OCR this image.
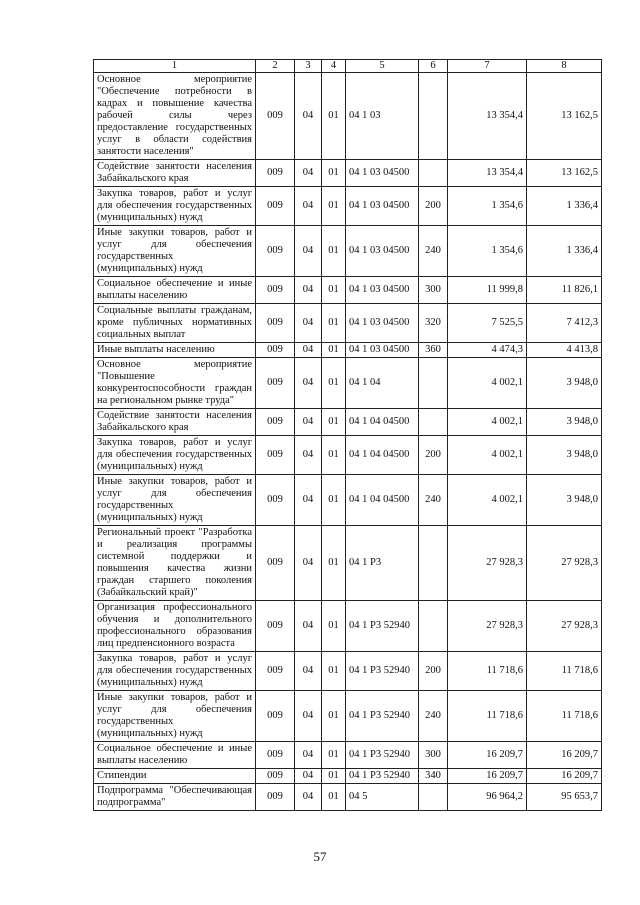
1	2	3	4	5	6	7	8
Основное мероприятие "Обеспечение потребности в кадрах и повышение качества рабочей силы через предоставление государственных услуг в области содействия занятости населения"	009	04	01	04 1 03		13 354,4	13 162,5
Содействие занятости населения Забайкальского края	009	04	01	04 1 03 04500		13 354,4	13 162,5
Закупка товаров, работ и услуг для обеспечения государственных (муниципальных) нужд	009	04	01	04 1 03 04500	200	1 354,6	1 336,4
Иные закупки товаров, работ и услуг для обеспечения государственных (муниципальных) нужд	009	04	01	04 1 03 04500	240	1 354,6	1 336,4
Социальное обеспечение и иные выплаты населению	009	04	01	04 1 03 04500	300	11 999,8	11 826,1
Социальные выплаты гражданам, кроме публичных нормативных социальных выплат	009	04	01	04 1 03 04500	320	7 525,5	7 412,3
Иные выплаты населению	009	04	01	04 1 03 04500	360	4 474,3	4 413,8
Основное мероприятие "Повышение конкурентоспособности граждан на региональном рынке труда"	009	04	01	04 1 04		4 002,1	3 948,0
Содействие занятости населения Забайкальского края	009	04	01	04 1 04 04500		4 002,1	3 948,0
Закупка товаров, работ и услуг для обеспечения государственных (муниципальных) нужд	009	04	01	04 1 04 04500	200	4 002,1	3 948,0
Иные закупки товаров, работ и услуг для обеспечения государственных (муниципальных) нужд	009	04	01	04 1 04 04500	240	4 002,1	3 948,0
Региональный проект "Разработка и реализация программы системной поддержки и повышения качества жизни граждан старшего поколения (Забайкальский край)"	009	04	01	04 1 P3		27 928,3	27 928,3
Организация профессионального обучения и дополнительного профессионального образования лиц предпенсионного возраста	009	04	01	04 1 P3 52940		27 928,3	27 928,3
Закупка товаров, работ и услуг для обеспечения государственных (муниципальных) нужд	009	04	01	04 1 P3 52940	200	11 718,6	11 718,6
Иные закупки товаров, работ и услуг для обеспечения государственных (муниципальных) нужд	009	04	01	04 1 P3 52940	240	11 718,6	11 718,6
Социальное обеспечение и иные выплаты населению	009	04	01	04 1 P3 52940	300	16 209,7	16 209,7
Стипендии	009	04	01	04 1 P3 52940	340	16 209,7	16 209,7
Подпрограмма "Обеспечивающая подпрограмма"	009	04	01	04 5		96 964,2	95 653,7
57
